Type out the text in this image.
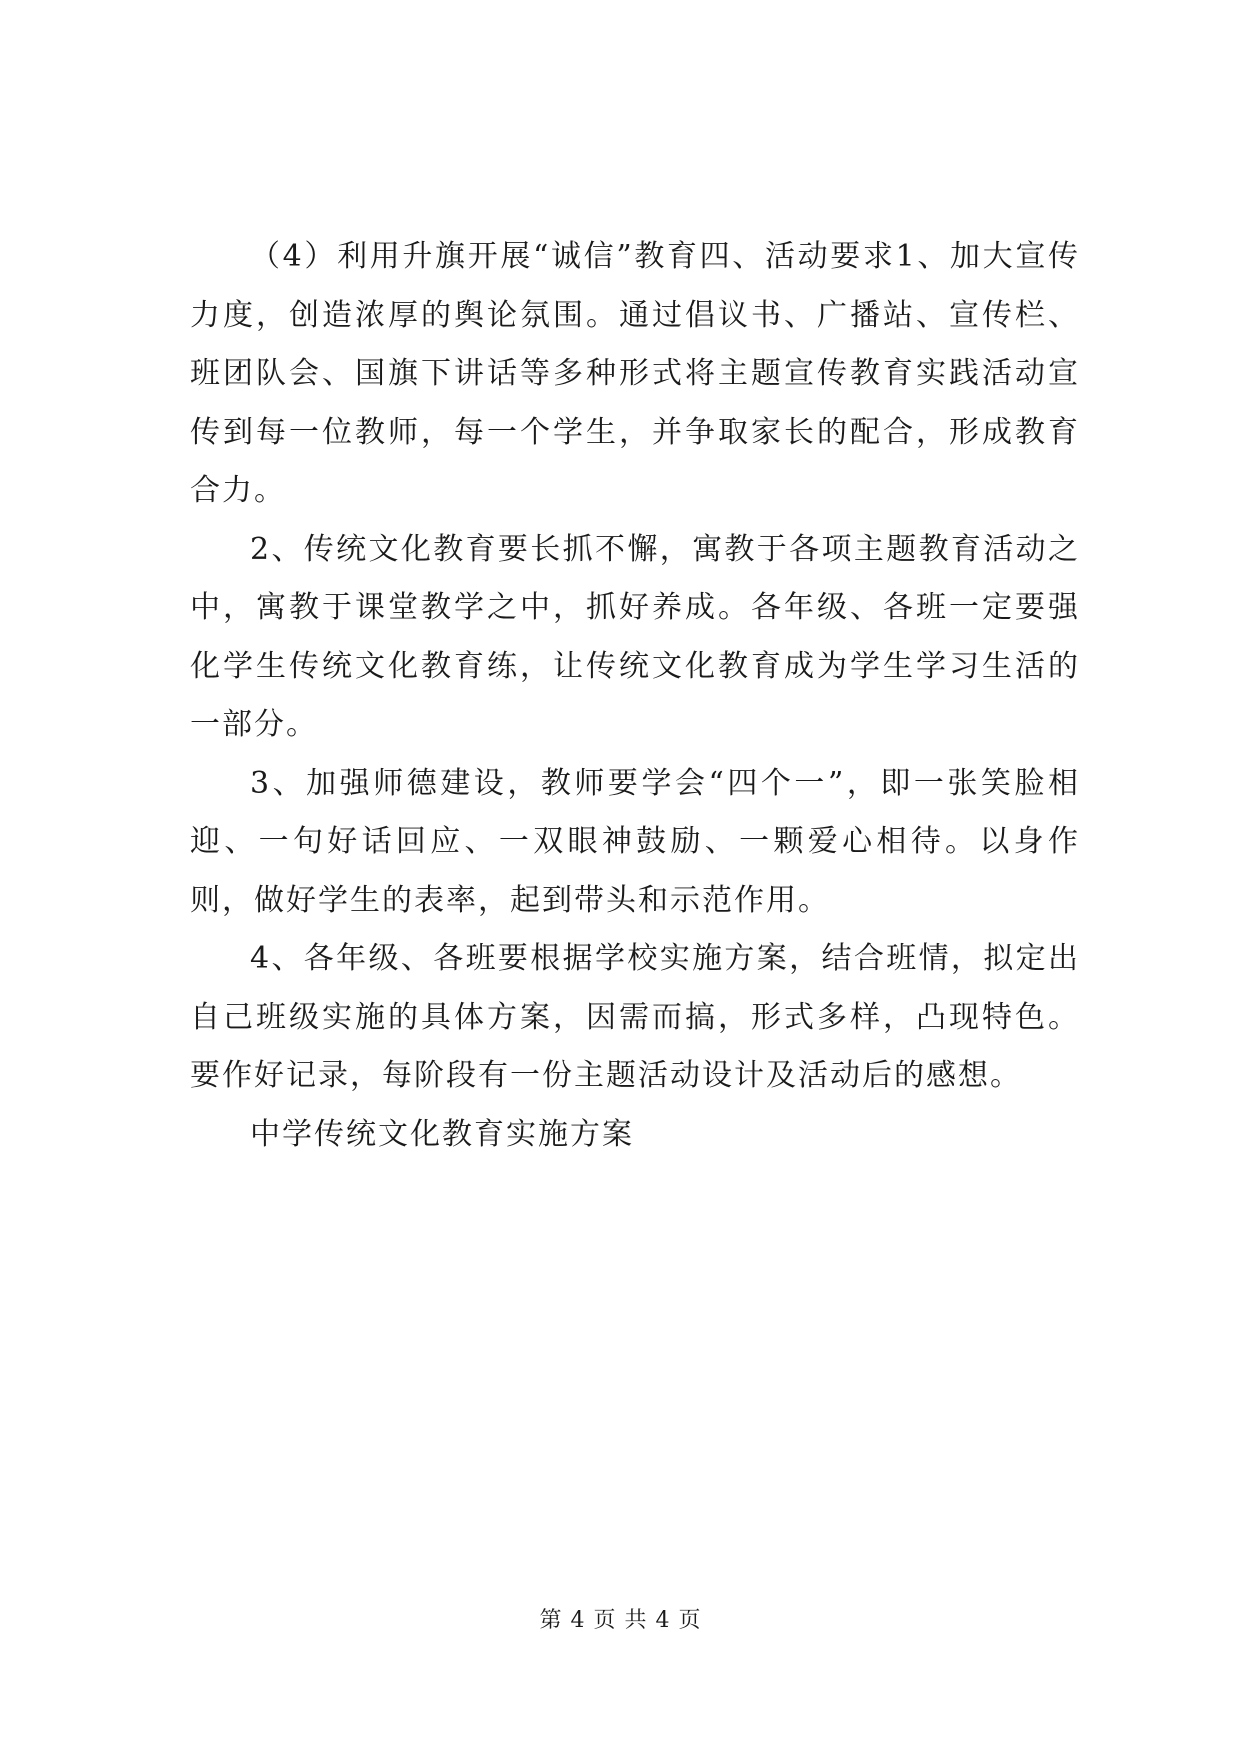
（4）利用升旗开展“诚信”教育四、活动要求1、加大宣传力度，创造浓厚的舆论氛围。通过倡议书、广播站、宣传栏、班团队会、国旗下讲话等多种形式将主题宣传教育实践活动宣传到每一位教师，每一个学生，并争取家长的配合，形成教育合力。

2、传统文化教育要长抓不懈，寓教于各项主题教育活动之中，寓教于课堂教学之中，抓好养成。各年级、各班一定要强化学生传统文化教育练，让传统文化教育成为学生学习生活的一部分。

3、加强师德建设，教师要学会“四个一”，即一张笑脸相迎、一句好话回应、一双眼神鼓励、一颗爱心相待。以身作则，做好学生的表率，起到带头和示范作用。

4、各年级、各班要根据学校实施方案，结合班情，拟定出自己班级实施的具体方案，因需而搞，形式多样，凸现特色。要作好记录，每阶段有一份主题活动设计及活动后的感想。

中学传统文化教育实施方案

第 4 页 共 4 页
